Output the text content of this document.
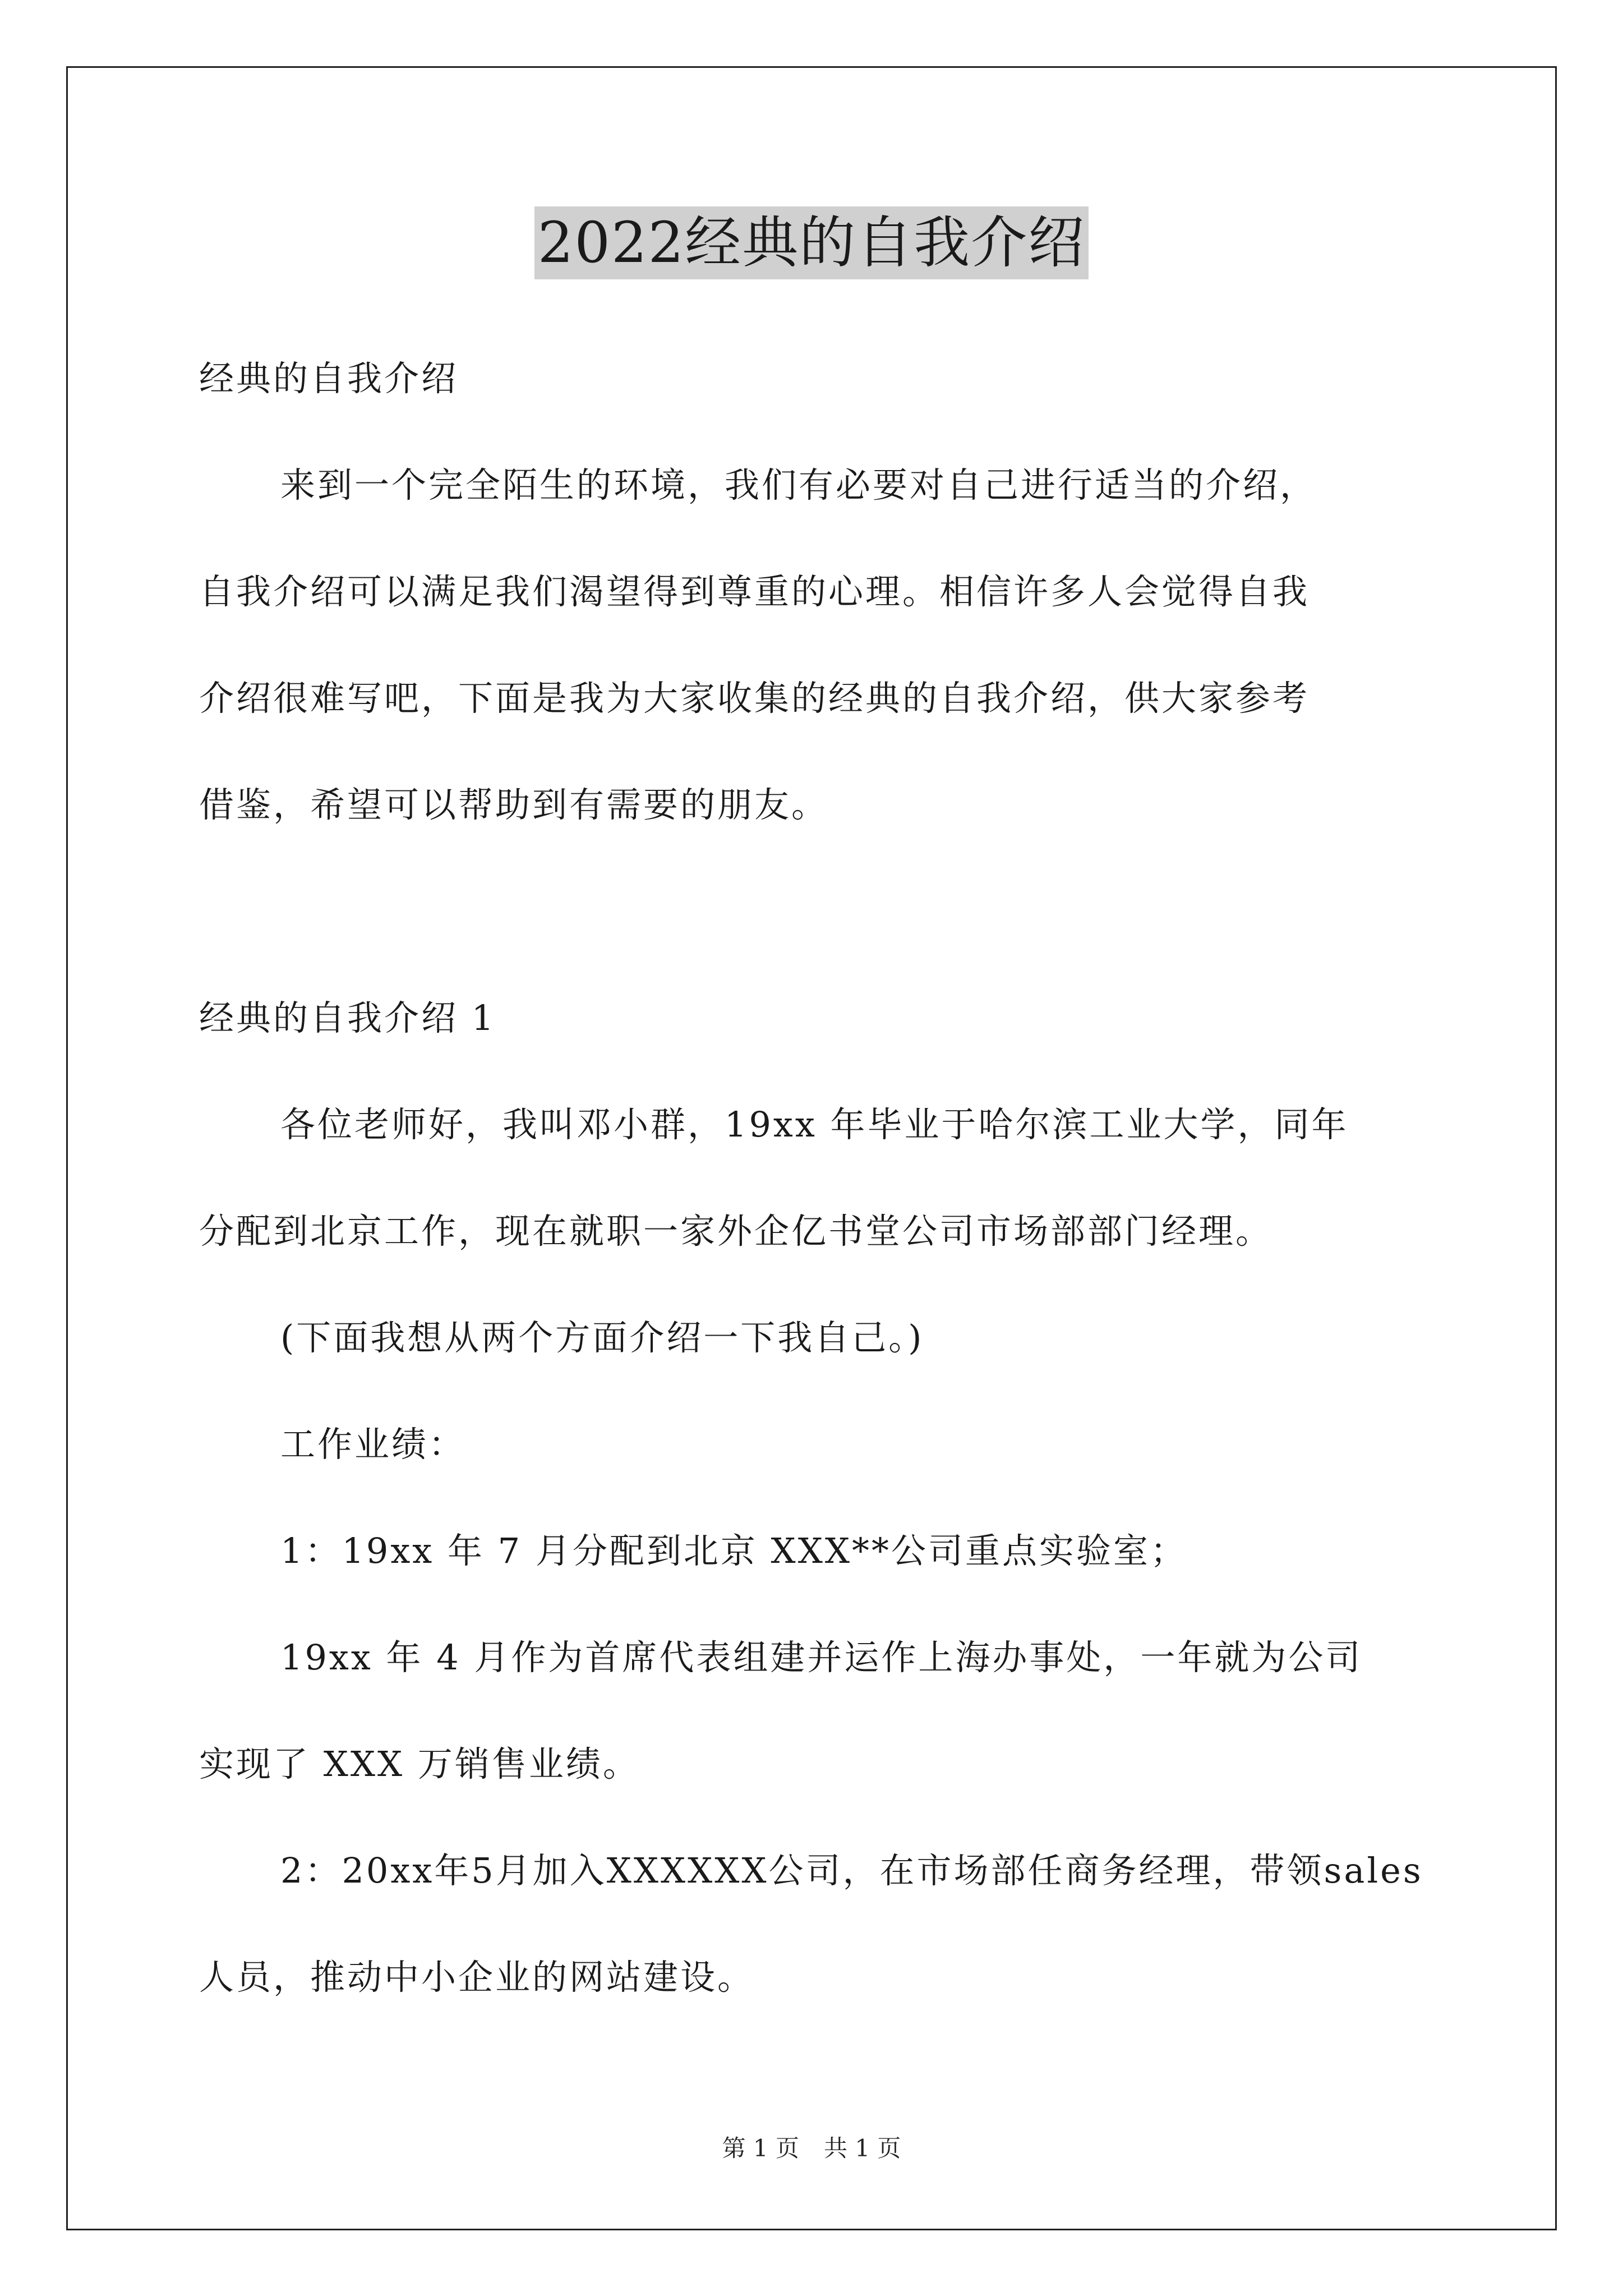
2022经典的自我介绍
经典的自我介绍
来到一个完全陌生的环境，我们有必要对自己进行适当的介绍，
自我介绍可以满足我们渴望得到尊重的心理。相信许多人会觉得自我
介绍很难写吧，下面是我为大家收集的经典的自我介绍，供大家参考
借鉴，希望可以帮助到有需要的朋友。
经典的自我介绍 1
各位老师好，我叫邓小群，19xx 年毕业于哈尔滨工业大学，同年
分配到北京工作，现在就职一家外企亿书堂公司市场部部门经理。
(下面我想从两个方面介绍一下我自己。)
工作业绩：
1：19xx 年 7 月分配到北京 XXX**公司重点实验室；
19xx 年 4 月作为首席代表组建并运作上海办事处，一年就为公司
实现了 XXX 万销售业绩。
2：20xx年5月加入XXXXXX公司，在市场部任商务经理，带领sales
人员，推动中小企业的网站建设。
第 1 页 共 1 页
